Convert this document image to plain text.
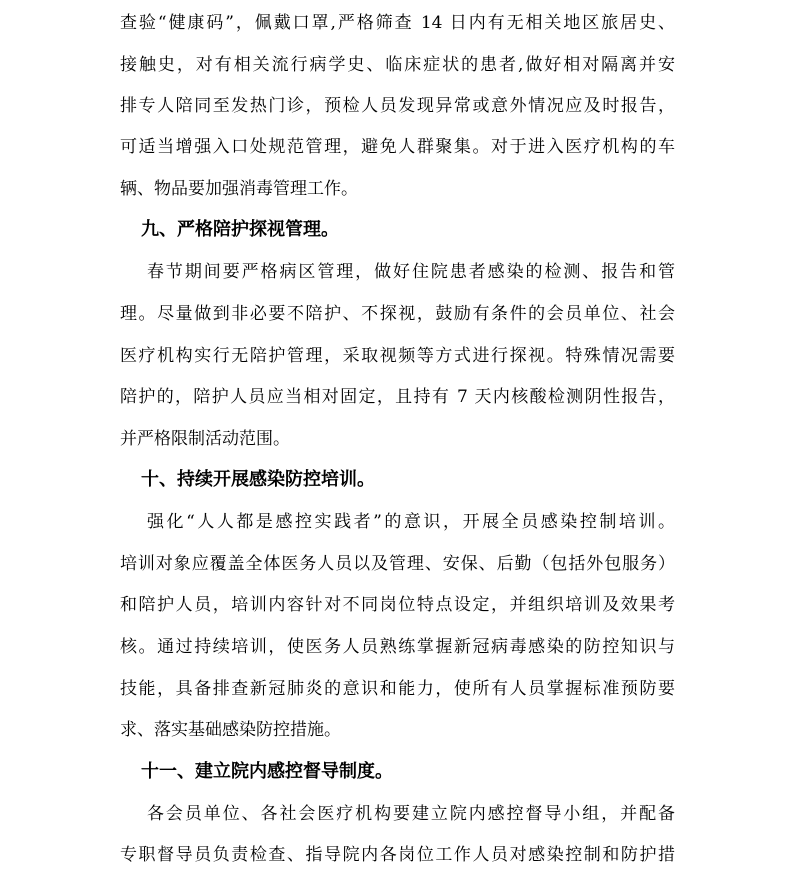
查验“健康码”，佩戴口罩,严格筛查 14 日内有无相关地区旅居史、
接触史，对有相关流行病学史、临床症状的患者,做好相对隔离并安
排专人陪同至发热门诊，预检人员发现异常或意外情况应及时报告，
可适当增强入口处规范管理，避免人群聚集。对于进入医疗机构的车
辆、物品要加强消毒管理工作。
九、严格陪护探视管理。
春节期间要严格病区管理，做好住院患者感染的检测、报告和管
理。尽量做到非必要不陪护、不探视，鼓励有条件的会员单位、社会
医疗机构实行无陪护管理，采取视频等方式进行探视。特殊情况需要
陪护的，陪护人员应当相对固定，且持有 7 天内核酸检测阴性报告，
并严格限制活动范围。
十、持续开展感染防控培训。
强化“人人都是感控实践者”的意识，开展全员感染控制培训。
培训对象应覆盖全体医务人员以及管理、安保、后勤（包括外包服务）
和陪护人员，培训内容针对不同岗位特点设定，并组织培训及效果考
核。通过持续培训，使医务人员熟练掌握新冠病毒感染的防控知识与
技能，具备排查新冠肺炎的意识和能力，使所有人员掌握标准预防要
求、落实基础感染防控措施。
十一、建立院内感控督导制度。
各会员单位、各社会医疗机构要建立院内感控督导小组，并配备
专职督导员负责检查、指导院内各岗位工作人员对感染控制和防护措
